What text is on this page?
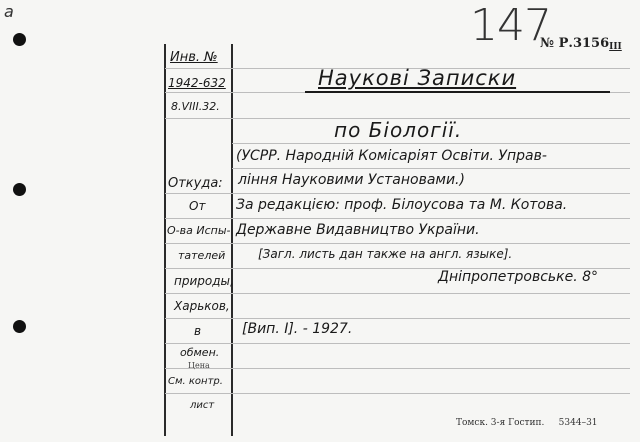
a	147
№ Р.3156III
Инв. №
1942-632
8.VIII.32.
Откуда:
От
О-ва Испы-
тателей
природы,
Харьков,
в
обмен.
Цена
См. контр.
лист
Наукові Записки
по Біології.
(УСРР. Народній Комісаріят Освіти. Управ-
ління Науковими Установами.)
За редакцією: проф. Білоусова та М. Котова.
Державне Видавництво України.
[Загл. листь дан также на англ. языке].
Дніпропетровське. 8°
[Вип. I]. - 1927.
Томск. 3-я Гостип.     5344–31
